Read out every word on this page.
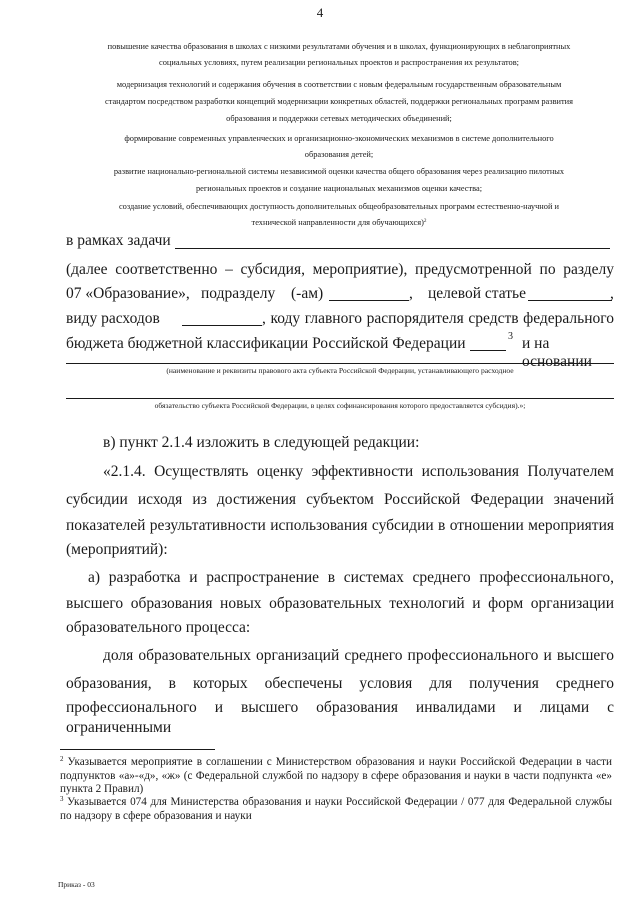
4
повышение качества образования в школах с низкими результатами обучения и в школах, функционирующих в неблагоприятных
социальных условиях, путем реализации региональных проектов и распространения их результатов;
модернизация технологий и содержания обучения в соответствии с новым федеральным государственным образовательным
стандартом посредством разработки концепций модернизации конкретных областей, поддержки региональных программ развития
образования и поддержки сетевых методических объединений;
формирование современных управленческих и организационно-экономических механизмов в системе дополнительного
образования детей;
развитие национально-региональной системы независимой оценки качества общего образования через реализацию пилотных
региональных проектов и создание национальных механизмов оценки качества;
создание условий, обеспечивающих доступность дополнительных общеобразовательных программ естественно-научной и
технической направленности для обучающихся)$^2$
в рамках задачи
(далее соответственно – субсидия, мероприятие), предусмотренной по разделу
07 «Образование», подразделу (-ам)	, целевой статье	,
виду расходов	, коду главного распорядителя средств федерального
бюджета бюджетной классификации Российской Федерации	3 и на основании
(наименование и реквизиты правового акта субъекта Российской Федерации, устанавливающего расходное
обязательство субъекта Российской Федерации, в целях софинансирования которого предоставляется субсидия).»;
в) пункт 2.1.4 изложить в следующей редакции:
«2.1.4. Осуществлять оценку эффективности использования Получателем
субсидии исходя из достижения субъектом Российской Федерации значений
показателей результативности использования субсидии в отношении мероприятия
(мероприятий):
а) разработка и распространение в системах среднего профессионального,
высшего образования новых образовательных технологий и форм организации
образовательного процесса:
доля образовательных организаций среднего профессионального и высшего
образования, в которых обеспечены условия для получения среднего
профессионального и высшего образования инвалидами и лицами с ограниченными
$^2$ Указывается мероприятие в соглашении с Министерством образования и науки Российской Федерации в части подпунктов «а»-«д», «ж» (с Федеральной службой по надзору в сфере образования и науки в части подпункта «е» пункта 2 Правил)
$^3$ Указывается 074 для Министерства образования и науки Российской Федерации / 077 для Федеральной службы по надзору в сфере образования и науки
Приказ - 03
